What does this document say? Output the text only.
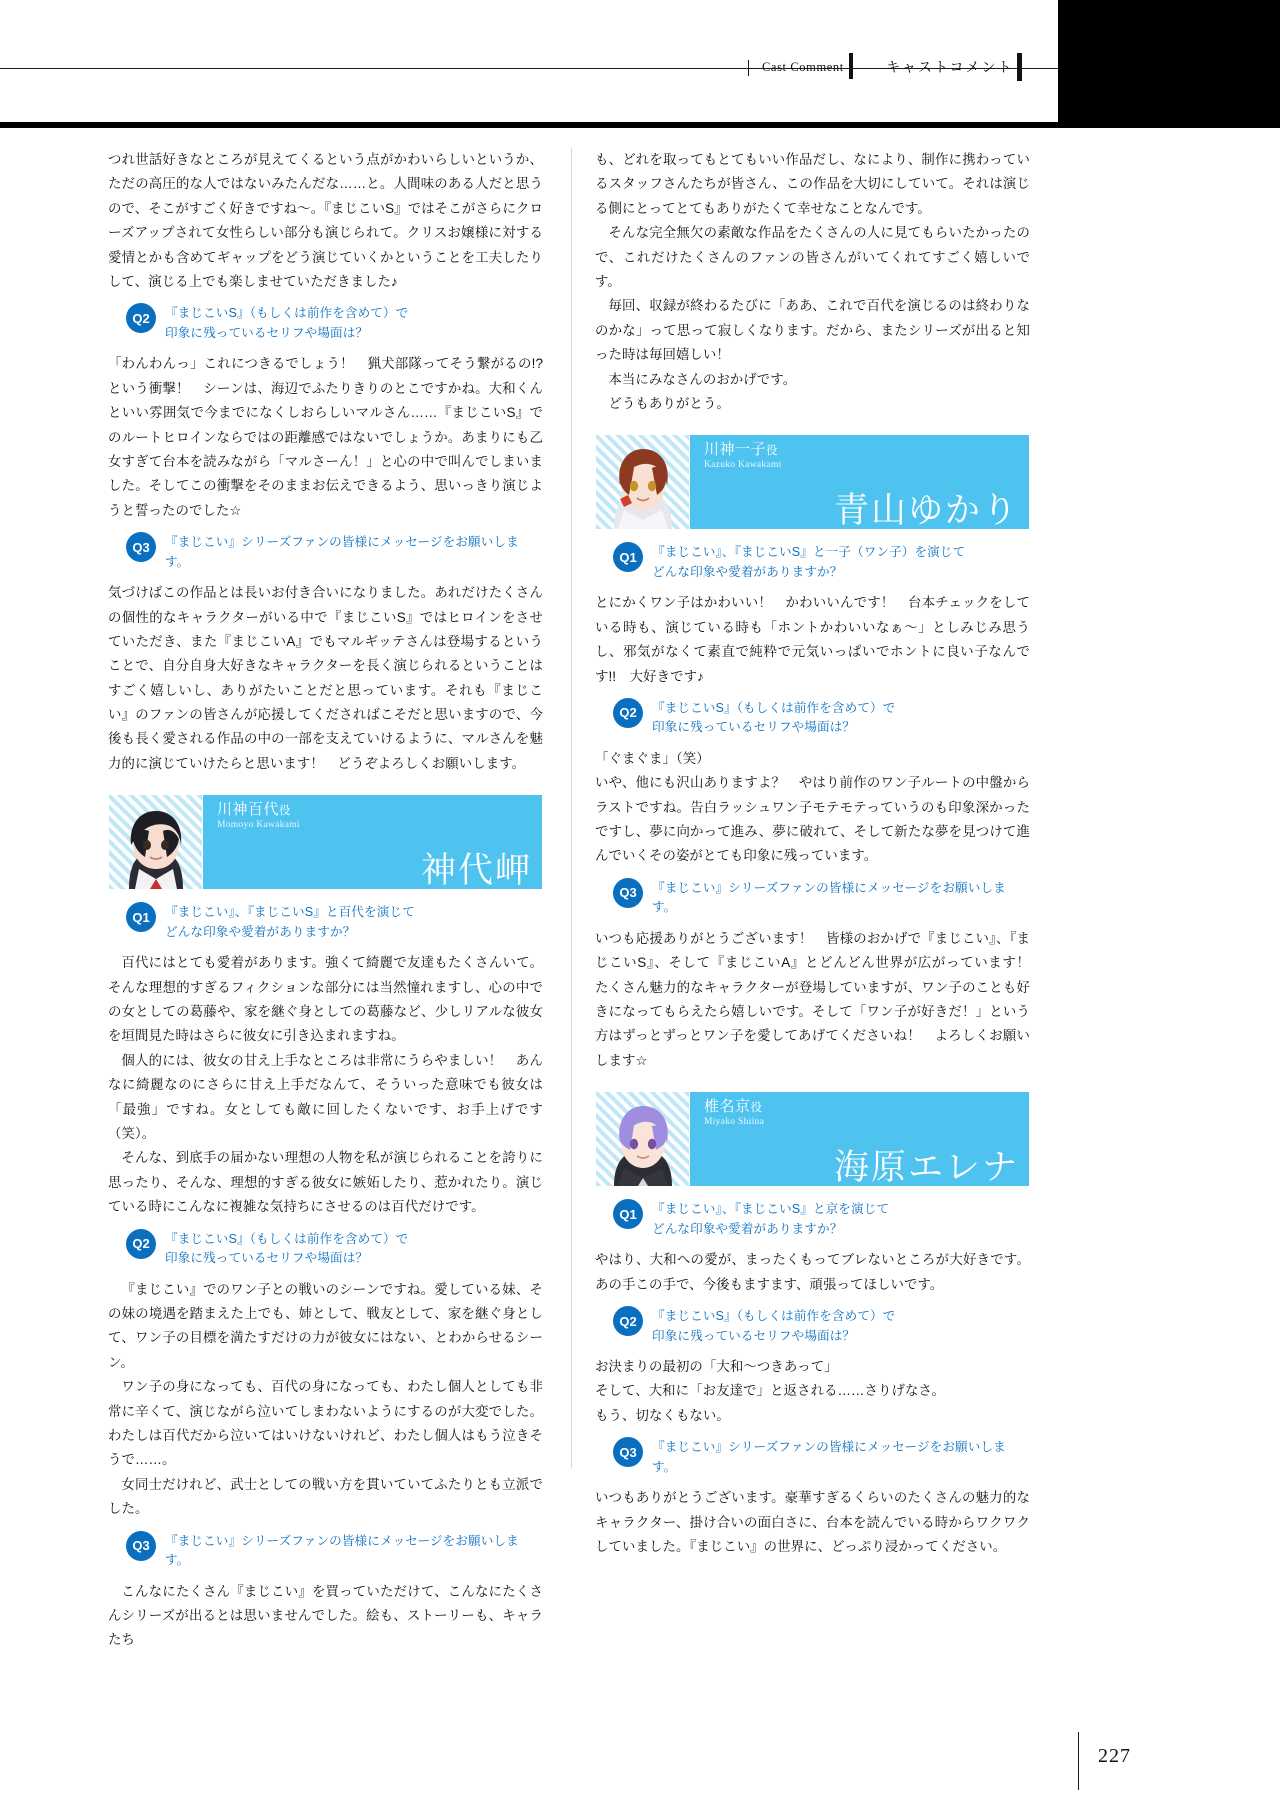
Cast Comment	キャストコメント

つれ世話好きなところが見えてくるという点がかわいらしいというか、ただの高圧的な人ではないみたんだな……と。人間味のある人だと思うので、そこがすごく好きですね〜。『まじこいS』ではそこがさらにクローズアップされて女性らしい部分も演じられて。クリスお嬢様に対する愛情とかも含めてギャップをどう演じていくかということを工夫したりして、演じる上でも楽しませていただきました♪

Q2	『まじこいS』（もしくは前作を含めて）で
印象に残っているセリフや場面は？

「わんわんっ」これにつきるでしょう！　猟犬部隊ってそう繋がるの!?という衝撃！　シーンは、海辺でふたりきりのとこですかね。大和くんといい雰囲気で今までになくしおらしいマルさん……『まじこいS』でのルートヒロインならではの距離感ではないでしょうか。あまりにも乙女すぎて台本を読みながら「マルさーん！」と心の中で叫んでしまいました。そしてこの衝撃をそのままお伝えできるよう、思いっきり演じようと誓ったのでした☆

Q3	『まじこい』シリーズファンの皆様にメッセージをお願いします。

気づけばこの作品とは長いお付き合いになりました。あれだけたくさんの個性的なキャラクターがいる中で『まじこいS』ではヒロインをさせていただき、また『まじこいA』でもマルギッテさんは登場するということで、自分自身大好きなキャラクターを長く演じられるということはすごく嬉しいし、ありがたいことだと思っています。それも『まじこい』のファンの皆さんが応援してくださればこそだと思いますので、今後も長く愛される作品の中の一部を支えていけるように、マルさんを魅力的に演じていけたらと思います！　どうぞよろしくお願いします。

川神百代役
Momoyo Kawakami
神代岬
Q1	『まじこい』、『まじこいS』と百代を演じて
どんな印象や愛着がありますか？

百代にはとても愛着があります。強くて綺麗で友達もたくさんいて。そんな理想的すぎるフィクションな部分には当然憧れますし、心の中での女としての葛藤や、家を継ぐ身としての葛藤など、少しリアルな彼女を垣間見た時はさらに彼女に引き込まれますね。

個人的には、彼女の甘え上手なところは非常にうらやましい！　あんなに綺麗なのにさらに甘え上手だなんて、そういった意味でも彼女は「最強」ですね。女としても敵に回したくないです、お手上げです（笑）。

そんな、到底手の届かない理想の人物を私が演じられることを誇りに思ったり、そんな、理想的すぎる彼女に嫉妬したり、惹かれたり。演じている時にこんなに複雑な気持ちにさせるのは百代だけです。

Q2	『まじこいS』（もしくは前作を含めて）で
印象に残っているセリフや場面は？

『まじこい』でのワン子との戦いのシーンですね。愛している妹、その妹の境遇を踏まえた上でも、姉として、戦友として、家を継ぐ身として、ワン子の目標を満たすだけの力が彼女にはない、とわからせるシーン。

ワン子の身になっても、百代の身になっても、わたし個人としても非常に辛くて、演じながら泣いてしまわないようにするのが大変でした。わたしは百代だから泣いてはいけないけれど、わたし個人はもう泣きそうで……。

女同士だけれど、武士としての戦い方を貫いていてふたりとも立派でした。

Q3	『まじこい』シリーズファンの皆様にメッセージをお願いします。

こんなにたくさん『まじこい』を買っていただけて、こんなにたくさんシリーズが出るとは思いませんでした。絵も、ストーリーも、キャラたち

も、どれを取ってもとてもいい作品だし、なにより、制作に携わっているスタッフさんたちが皆さん、この作品を大切にしていて。それは演じる側にとってとてもありがたくて幸せなことなんです。

そんな完全無欠の素敵な作品をたくさんの人に見てもらいたかったので、これだけたくさんのファンの皆さんがいてくれてすごく嬉しいです。

毎回、収録が終わるたびに「ああ、これで百代を演じるのは終わりなのかな」って思って寂しくなります。だから、またシリーズが出ると知った時は毎回嬉しい！

本当にみなさんのおかげです。

どうもありがとう。

川神一子役
Kazuko Kawakami
青山ゆかり
Q1	『まじこい』、『まじこいS』と一子（ワン子）を演じて
どんな印象や愛着がありますか？

とにかくワン子はかわいい！　かわいいんです！　台本チェックをしている時も、演じている時も「ホントかわいいなぁ〜」としみじみ思うし、邪気がなくて素直で純粋で元気いっぱいでホントに良い子なんです!!　大好きです♪

Q2	『まじこいS』（もしくは前作を含めて）で
印象に残っているセリフや場面は？

「ぐまぐま」（笑）

いや、他にも沢山ありますよ？　やはり前作のワン子ルートの中盤からラストですね。告白ラッシュワン子モテモテっていうのも印象深かったですし、夢に向かって進み、夢に破れて、そして新たな夢を見つけて進んでいくその姿がとても印象に残っています。

Q3	『まじこい』シリーズファンの皆様にメッセージをお願いします。

いつも応援ありがとうございます！　皆様のおかげで『まじこい』、『まじこいS』、そして『まじこいA』とどんどん世界が広がっています！　たくさん魅力的なキャラクターが登場していますが、ワン子のことも好きになってもらえたら嬉しいです。そして「ワン子が好きだ！」という方はずっとずっとワン子を愛してあげてくださいね！　よろしくお願いします☆

椎名京役
Miyako Shiina
海原エレナ
Q1	『まじこい』、『まじこいS』と京を演じて
どんな印象や愛着がありますか？

やはり、大和への愛が、まったくもってブレないところが大好きです。あの手この手で、今後もますます、頑張ってほしいです。

Q2	『まじこいS』（もしくは前作を含めて）で
印象に残っているセリフや場面は？

お決まりの最初の「大和〜つきあって」

そして、大和に「お友達で」と返される……さりげなさ。

もう、切なくもない。

Q3	『まじこい』シリーズファンの皆様にメッセージをお願いします。

いつもありがとうございます。豪華すぎるくらいのたくさんの魅力的なキャラクター、掛け合いの面白さに、台本を読んでいる時からワクワクしていました。『まじこい』の世界に、どっぷり浸かってください。

227
